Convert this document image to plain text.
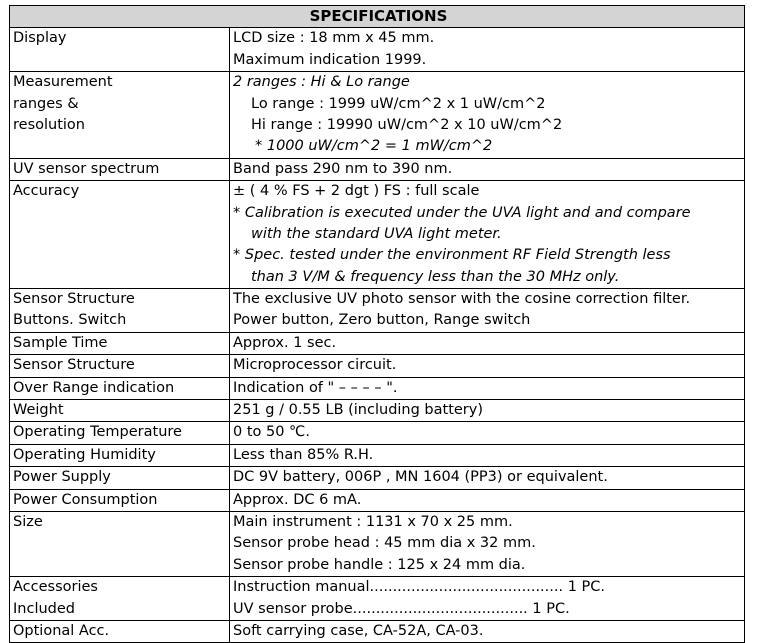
SPECIFICATIONS	

Display	LCD size : 18 mm x 45 mm.
Maximum indication 1999.

Measurement
ranges &
resolution	2 ranges : Hi & Lo range
Lo range : 1999 uW/cm^2 x 1 uW/cm^2
Hi range : 19990 uW/cm^2 x 10 uW/cm^2
* 1000 uW/cm^2 = 1 mW/cm^2

UV sensor spectrum	Band pass 290 nm to 390 nm.

Accuracy	± ( 4 % FS + 2 dgt ) FS : full scale
* Calibration is executed under the UVA light and and compare
with the standard UVA light meter.
* Spec. tested under the environment RF Field Strength less
than 3 V/M & frequency less than the 30 MHz only.

Sensor Structure
Buttons. Switch	The exclusive UV photo sensor with the cosine correction filter.
Power button, Zero button, Range switch

Sample Time	Approx. 1 sec.

Sensor Structure	Microprocessor circuit.

Over Range indication	Indication of " – – – – ".

Weight	251 g / 0.55 LB (including battery)

Operating Temperature	0 to 50 ℃.

Operating Humidity	Less than 85% R.H.

Power Supply	DC 9V battery, 006P , MN 1604 (PP3) or equivalent.

Power Consumption	Approx. DC 6 mA.

Size	Main instrument : 1131 x 70 x 25 mm.
Sensor probe head : 45 mm dia x 32 mm.
Sensor probe handle : 125 x 24 mm dia.

Accessories
Included	Instruction manual.......................................... 1 PC.
UV sensor probe...................................... 1 PC.

Optional Acc.	Soft carrying case, CA-52A, CA-03.
